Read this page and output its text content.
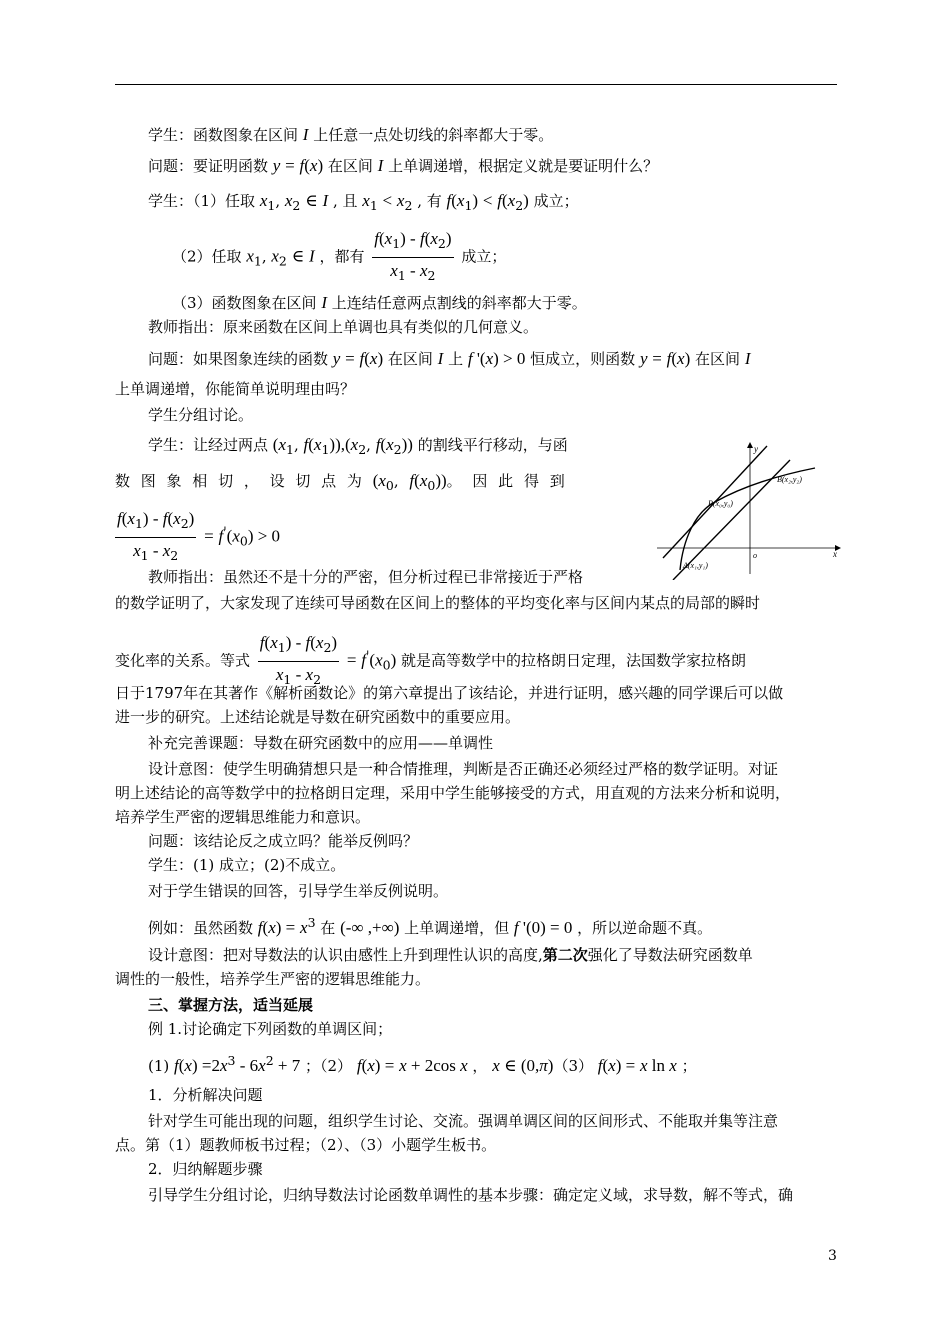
学生：函数图象在区间 I 上任意一点处切线的斜率都大于零。
问题：要证明函数 y = f(x) 在区间 I 上单调递增，根据定义就是要证明什么？
学生：（1）任取 $x_1$, $x_2$ ∈ I , 且 $x_1 < x_2$ , 有 $f(x_1) < f(x_2)$ 成立；
（2）任取 $x_1$, $x_2$ ∈ I ，都有 $\frac{f(x_1) - f(x_2)}{x_1 - x_2}$ 成立；
（3）函数图象在区间 I 上连结任意两点割线的斜率都大于零。
教师指出：原来函数在区间上单调也具有类似的几何意义。
问题：如果图象连续的函数 y = f(x) 在区间 I 上 f '(x) > 0 恒成立，则函数 y = f(x) 在区间 I
上单调递增，你能简单说明理由吗？
学生分组讨论。
学生：让经过两点 ($x_1$, $f(x_1)),(x_2$, $f(x_2)$) 的割线平行移动，与函
数 图 象 相 切 ， 设 切 点 为 ($x_0$, $f(x_0)$)。 因 此 得 到
$\frac{f(x_1) - f(x_2)}{x_1 - x_2} = f'(x_0) > 0$
教师指出：虽然还不是十分的严密，但分析过程已非常接近于严格
的数学证明了，大家发现了连续可导函数在区间上的整体的平均变化率与区间内某点的局部的瞬时
变化率的关系。等式 $\frac{f(x_1) - f(x_2)}{x_1 - x_2} = f'(x_0)$ 就是高等数学中的拉格朗日定理，法国数学家拉格朗
日于1797年在其著作《解析函数论》的第六章提出了该结论，并进行证明，感兴趣的同学课后可以做
进一步的研究。上述结论就是导数在研究函数中的重要应用。
补充完善课题：导数在研究函数中的应用——单调性
设计意图：使学生明确猜想只是一种合情推理，判断是否正确还必须经过严格的数学证明。对证
明上述结论的高等数学中的拉格朗日定理，采用中学生能够接受的方式，用直观的方法来分析和说明，
培养学生严密的逻辑思维能力和意识。
问题：该结论反之成立吗？能举反例吗？
学生：(1) 成立；(2)不成立。
对于学生错误的回答，引导学生举反例说明。
例如：虽然函数 $f(x) = x^3$ 在 (-∞ ,+∞) 上单调递增，但 f '(0) = 0 ，所以逆命题不真。
设计意图：把对导数法的认识由感性上升到理性认识的高度,第二次强化了导数法研究函数单
调性的一般性，培养学生严密的逻辑思维能力。
三、掌握方法，适当延展
例 1.讨论确定下列函数的单调区间；
(1) $f(x) =2x^3 - 6x^2 + 7$ ；（2） f(x) = x + 2cos x ， x ∈ (0,π)（3） f(x) = x ln x ；
1．分析解决问题
针对学生可能出现的问题，组织学生讨论、交流。强调单调区间的区间形式、不能取并集等注意
点。第（1）题教师板书过程；（2）、（3）小题学生板书。
2．归纳解题步骤
引导学生分组讨论，归纳导数法讨论函数单调性的基本步骤：确定定义域，求导数，解不等式，确
x
y
o
P(x₀,y₀)
B(x₂,y₂)
A(x₁,y₁)
3
